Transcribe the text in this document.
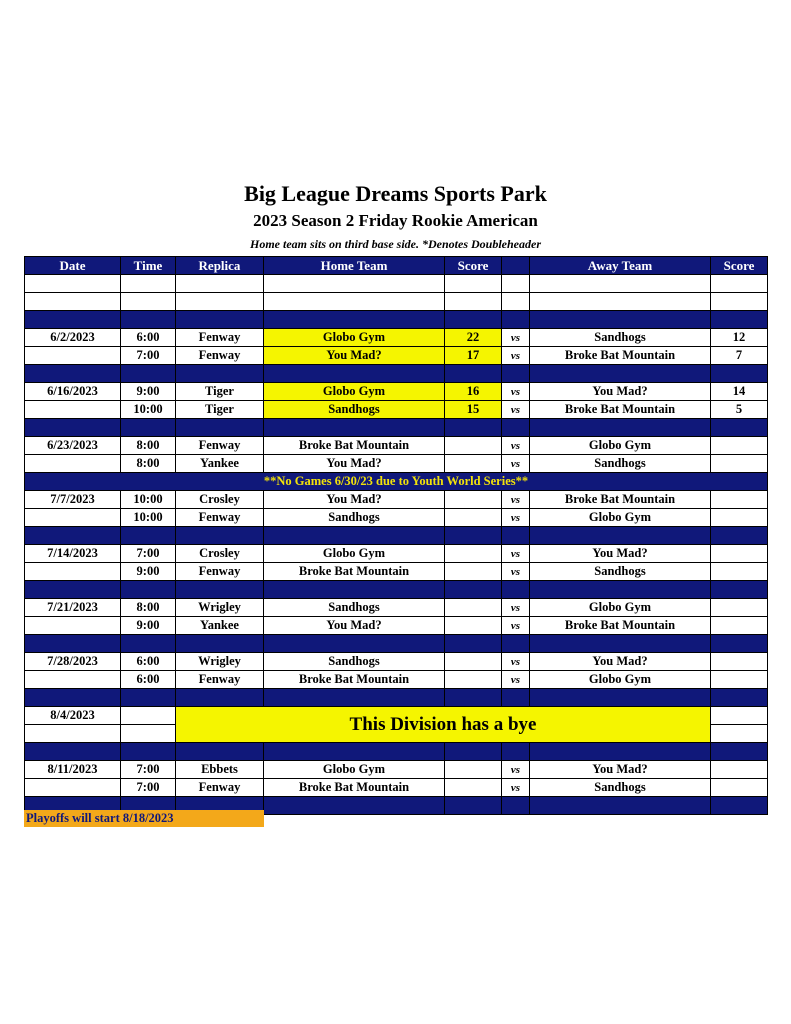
Big League Dreams Sports Park
2023 Season 2 Friday Rookie American
Home team sits on third base side. *Denotes Doubleheader
Date	Time	Replica	Home Team	Score		Away Team	Score

6/2/2023	6:00	Fenway	Globo Gym	22	vs	Sandhogs	12
	7:00	Fenway	You Mad?	17	vs	Broke Bat Mountain	7

6/16/2023	9:00	Tiger	Globo Gym	16	vs	You Mad?	14
	10:00	Tiger	Sandhogs	15	vs	Broke Bat Mountain	5

6/23/2023	8:00	Fenway	Broke Bat Mountain		vs	Globo Gym	
	8:00	Yankee	You Mad?		vs	Sandhogs	
**No Games 6/30/23 due to Youth World Series**							
7/7/2023	10:00	Crosley	You Mad?		vs	Broke Bat Mountain	
	10:00	Fenway	Sandhogs		vs	Globo Gym	

7/14/2023	7:00	Crosley	Globo Gym		vs	You Mad?	
	9:00	Fenway	Broke Bat Mountain		vs	Sandhogs	

7/21/2023	8:00	Wrigley	Sandhogs		vs	Globo Gym	
	9:00	Yankee	You Mad?		vs	Broke Bat Mountain	

7/28/2023	6:00	Wrigley	Sandhogs		vs	You Mad?	
	6:00	Fenway	Broke Bat Mountain		vs	Globo Gym	

8/4/2023		This Division has a bye					

8/11/2023	7:00	Ebbets	Globo Gym		vs	You Mad?	
	7:00	Fenway	Broke Bat Mountain		vs	Sandhogs	

Playoffs will start 8/18/2023
